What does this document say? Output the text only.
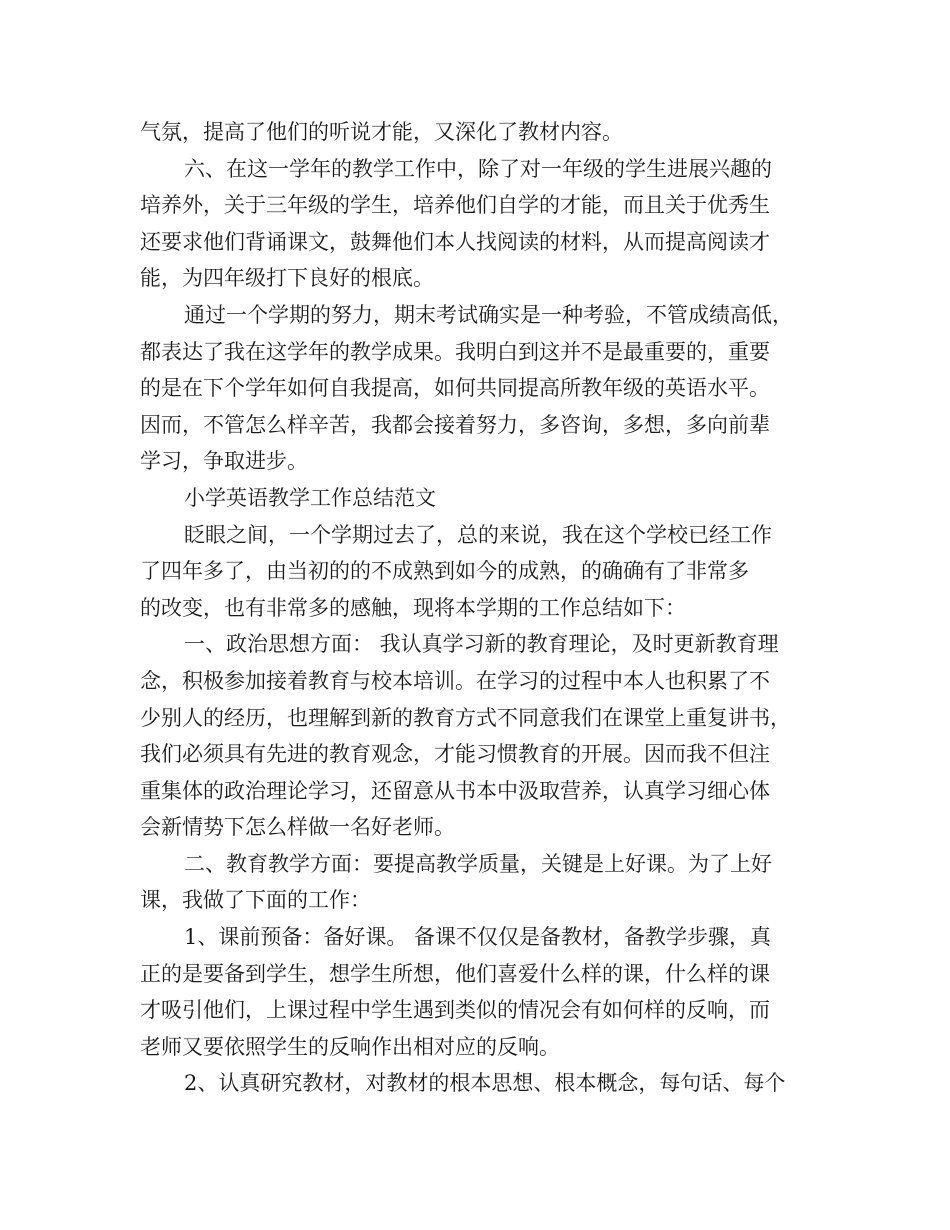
气氛，提高了他们的听说才能，又深化了教材内容。
六、在这一学年的教学工作中，除了对一年级的学生进展兴趣的
培养外，关于三年级的学生，培养他们自学的才能，而且关于优秀生
还要求他们背诵课文，鼓舞他们本人找阅读的材料，从而提高阅读才
能，为四年级打下良好的根底。
通过一个学期的努力，期末考试确实是一种考验，不管成绩高低，
都表达了我在这学年的教学成果。我明白到这并不是最重要的，重要
的是在下个学年如何自我提高，如何共同提高所教年级的英语水平。
因而，不管怎么样辛苦，我都会接着努力，多咨询，多想，多向前辈
学习，争取进步。
小学英语教学工作总结范文
眨眼之间，一个学期过去了，总的来说，我在这个学校已经工作
了四年多了，由当初的的不成熟到如今的成熟，的确确有了非常多
的改变，也有非常多的感触，现将本学期的工作总结如下：
一、政治思想方面： 我认真学习新的教育理论，及时更新教育理
念，积极参加接着教育与校本培训。在学习的过程中本人也积累了不
少别人的经历，也理解到新的教育方式不同意我们在课堂上重复讲书，
我们必须具有先进的教育观念，才能习惯教育的开展。因而我不但注
重集体的政治理论学习，还留意从书本中汲取营养，认真学习细心体
会新情势下怎么样做一名好老师。
二、教育教学方面：要提高教学质量，关键是上好课。为了上好
课，我做了下面的工作：
1、课前预备：备好课。 备课不仅仅是备教材，备教学步骤，真
正的是要备到学生，想学生所想，他们喜爱什么样的课，什么样的课
才吸引他们，上课过程中学生遇到类似的情况会有如何样的反响，而
老师又要依照学生的反响作出相对应的反响。
2、认真研究教材，对教材的根本思想、根本概念，每句话、每个
